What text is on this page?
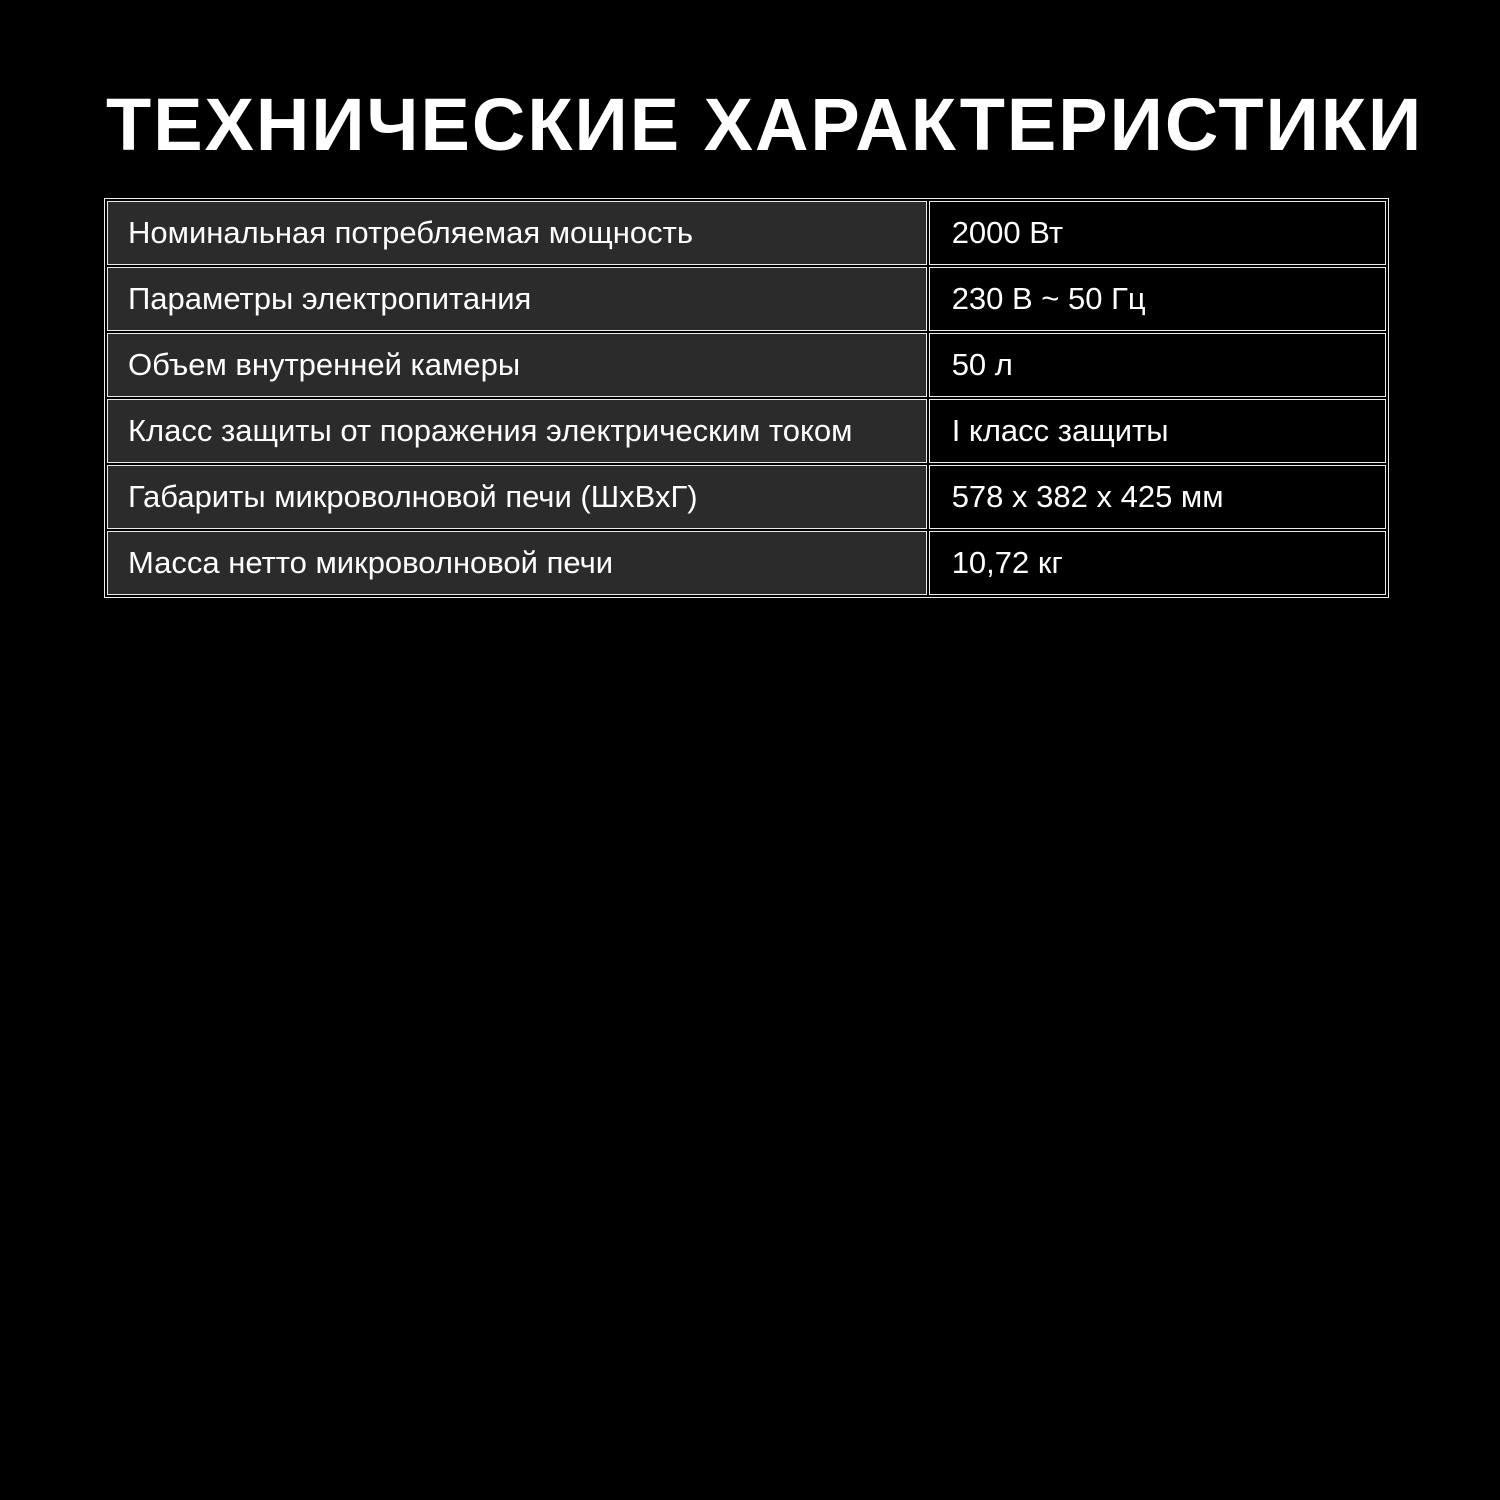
ТЕХНИЧЕСКИЕ ХАРАКТЕРИСТИКИ
Номинальная потребляемая мощность	2000 Вт
Параметры электропитания	230 В ~ 50 Гц
Объем внутренней камеры	50 л
Класс защиты от поражения электрическим током	I класс защиты
Габариты микроволновой печи (ШхВхГ)	578 x 382 x 425 мм
Масса нетто микроволновой печи	10,72 кг
